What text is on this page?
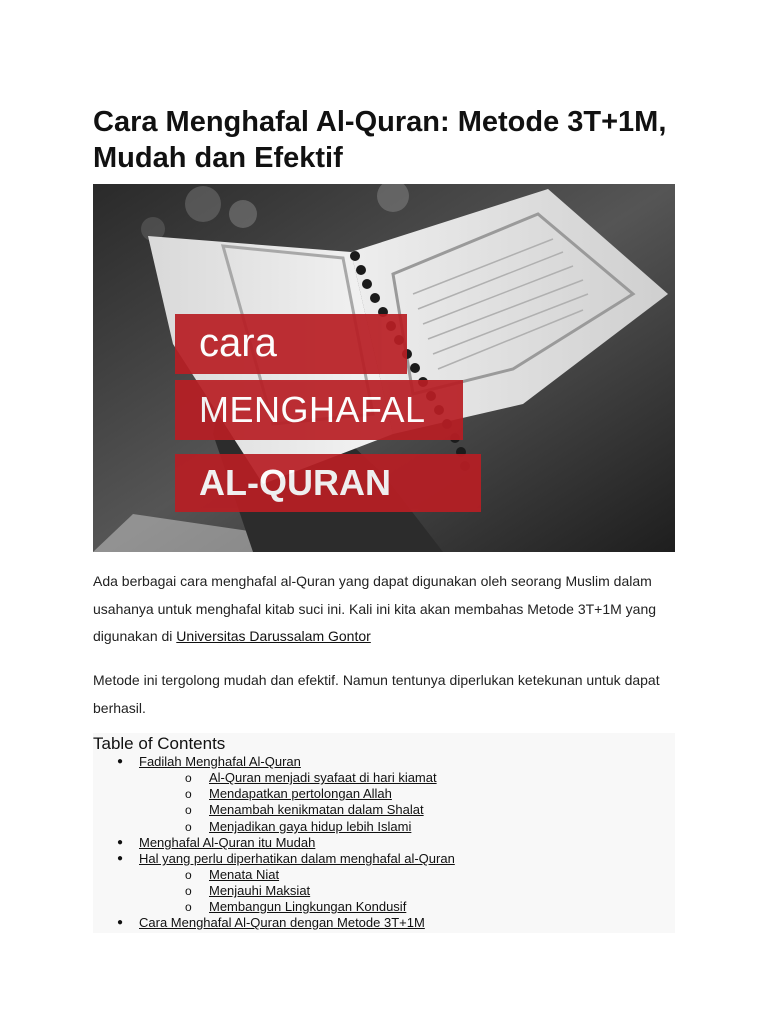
Cara Menghafal Al-Quran: Metode 3T+1M, Mudah dan Efektif
cara
MENGHAFAL
AL-QURAN

Ada berbagai cara menghafal al-Quran yang dapat digunakan oleh seorang Muslim dalam usahanya untuk menghafal kitab suci ini. Kali ini kita akan membahas Metode 3T+1M yang digunakan di Universitas Darussalam Gontor

Metode ini tergolong mudah dan efektif. Namun tentunya diperlukan ketekunan untuk dapat berhasil.

Table of Contents
● Fadilah Menghafal Al-Quran
o Al-Quran menjadi syafaat di hari kiamat
o Mendapatkan pertolongan Allah
o Menambah kenikmatan dalam Shalat
o Menjadikan gaya hidup lebih Islami
● Menghafal Al-Quran itu Mudah
● Hal yang perlu diperhatikan dalam menghafal al-Quran
o Menata Niat
o Menjauhi Maksiat
o Membangun Lingkungan Kondusif
● Cara Menghafal Al-Quran dengan Metode 3T+1M
